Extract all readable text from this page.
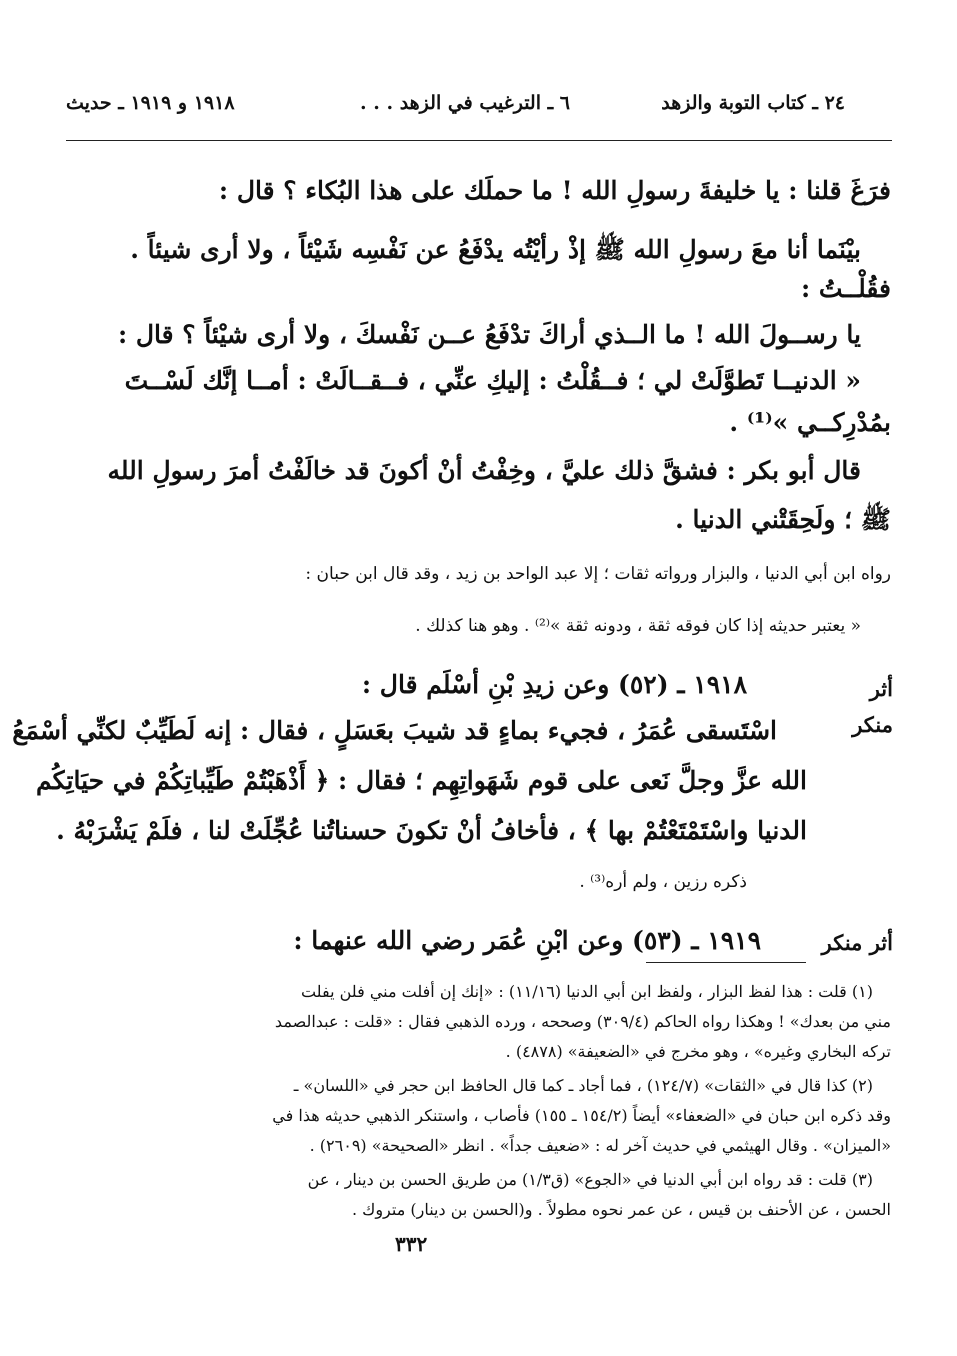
٢٤ ـ كتاب التوبة والزهد
٦ ـ الترغيب في الزهد . . .
١٩١٨ و ١٩١٩ ـ حديث
فرَغَ قلنا : يا خليفةَ رسولِ الله ! ما حملَك على هذا البُكاء ؟ قال :
بيْنَما أنا معَ رسولِ الله ﷺ إذْ رأيْتُه يدْفَعُ عن نَفْسِه شَيْئاً ، ولا أرى شيئاً .
فقُلْــتُ :
يا رســولَ الله ! ما الــذي أراكَ تدْفَعُ عــن نَفْسكَ ، ولا أرى شيْئاً ؟ قال :
« الدنيــا تَطوَّلَتْ لي ؛ فــقُلْتُ : إليكِ عنِّي ، فــقــالَتْ : أمــا إنَّك لَسْــتَ
بمُدْرِكــي »⁽¹⁾ .
قال أبو بكر : فشقَّ ذلك عليَّ ، وخِفْتُ أنْ أكونَ قد خالَفْتُ أمرَ رسولِ الله
ﷺ ؛ ولَحِقَتْني الدنيا .
رواه ابن أبي الدنيا ، والبزار ورواته ثقات ؛ إلا عبد الواحد بن زيد ، وقد قال ابن حبان :
« يعتبر حديثه إذا كان فوقه ثقة ، ودونه ثقة »⁽²⁾ . وهو هنا كذلك .
أثر
منكر
١٩١٨ ـ (٥٢) وعن زيدِ بْنِ أسْلَم قال :
اسْتَسقى عُمَرُ ، فجيء بماءٍ قد شيبَ بعَسَلٍ ، فقال : إنه لَطَيِّبٌ لكنِّي أسْمَعُ
الله عزَّ وجلَّ نَعى على قوم شَهَواتِهِم ؛ فقال : ﴿ أَذْهَبْتُمْ طَيِّباتِكُمْ في حيَاتِكُم
الدنيا واسْتَمْتَعْتُمْ بها ﴾ ، فأخافُ أنْ تكونَ حسناتُنا عُجِّلَتْ لنا ، فلَمْ يَشْرَبْهُ .
ذكره رزين ، ولم أره⁽³⁾ .
أثر منكر
١٩١٩ ـ (٥٣) وعن ابْنِ عُمَر رضي الله عنهما :
(١) قلت : هذا لفظ البزار ، ولفظ ابن أبي الدنيا (١١/١٦) : «إنك إن أفلت مني فلن يفلت
مني من بعدك» ! وهكذا رواه الحاكم (٣٠٩/٤) وصححه ، ورده الذهبي فقال : «قلت : عبدالصمد
تركه البخاري وغيره» ، وهو مخرج في «الضعيفة» (٤٨٧٨) .
(٢) كذا قال في «الثقات» (١٢٤/٧) ، فما أجاد ـ كما قال الحافظ ابن حجر في «اللسان» ـ
وقد ذكره ابن حبان في «الضعفاء» أيضاً (١٥٤/٢ ـ ١٥٥) فأصاب ، واستنكر الذهبي حديثه هذا في
«الميزان» . وقال الهيثمي في حديث آخر له : «ضعيف جداً» . انظر «الصحيحة» (٢٦٠٩) .
(٣) قلت : قد رواه ابن أبي الدنيا في «الجوع» (ق١/٣) من طريق الحسن بن دينار ، عن
الحسن ، عن الأحنف بن قيس ، عن عمر نحوه مطولاً . و(الحسن بن دينار) متروك .
٣٣٢
